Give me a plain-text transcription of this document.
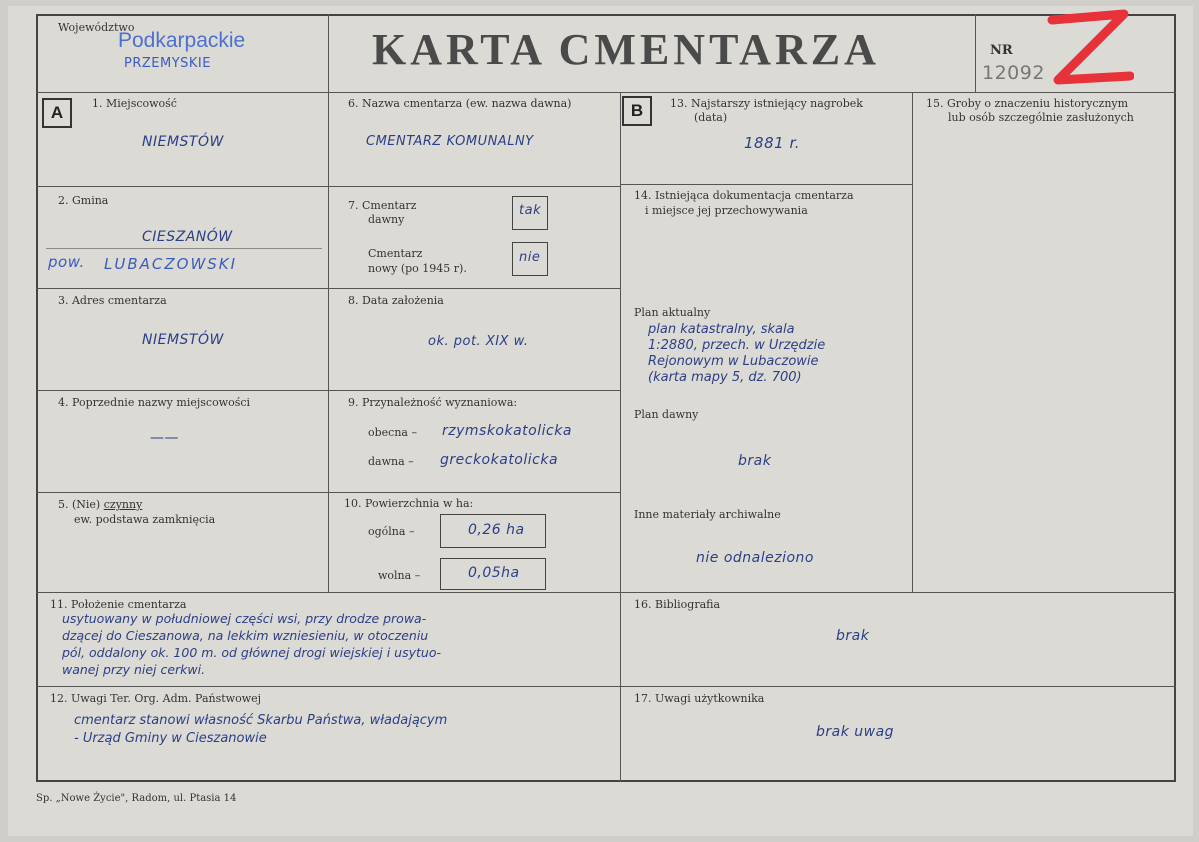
Województwo
Podkarpackie
PRZEMYSKIE	KARTA CMENTARZA	NR
12092
A	1. Miejscowość
NIEMSTÓW
2. Gmina
CIESZANÓW
pow. LUBACZOWSKI
3. Adres cmentarza
NIEMSTÓW
4. Poprzednie nazwy miejscowości
——
5. (Nie) czynny
ew. podstawa zamknięcia
6. Nazwa cmentarza (ew. nazwa dawna)
CMENTARZ KOMUNALNY
7. Cmentarz
dawny
tak
Cmentarz
nowy (po 1945 r).
nie
8. Data założenia
ok. pot. XIX w.
9. Przynależność wyznaniowa:
obecna – rzymskokatolicka
dawna – greckokatolicka
10. Powierzchnia w ha:
ogólna –	0,26 ha
wolna –	0,05ha
B	13. Najstarszy istniejący nagrobek
(data)
1881 r.
14. Istniejąca dokumentacja cmentarza
i miejsce jej przechowywania
Plan aktualny
plan katastralny, skala
1:2880, przech. w Urzędzie
Rejonowym w Lubaczowie
(karta mapy 5, dz. 700)
Plan dawny
brak
Inne materiały archiwalne
nie odnaleziono
15. Groby o znaczeniu historycznym
lub osób szczególnie zasłużonych
11. Położenie cmentarza
usytuowany w południowej części wsi, przy drodze prowa-
dzącej do Cieszanowa, na lekkim wzniesieniu, w otoczeniu
pól, oddalony ok. 100 m. od głównej drogi wiejskiej i usytuo-
wanej przy niej cerkwi.
16. Bibliografia
brak
12. Uwagi Ter. Org. Adm. Państwowej
cmentarz stanowi własność Skarbu Państwa, władającym
- Urząd Gminy w Cieszanowie
17. Uwagi użytkownika
brak uwag
Sp. „Nowe Życie", Radom, ul. Ptasia 14
